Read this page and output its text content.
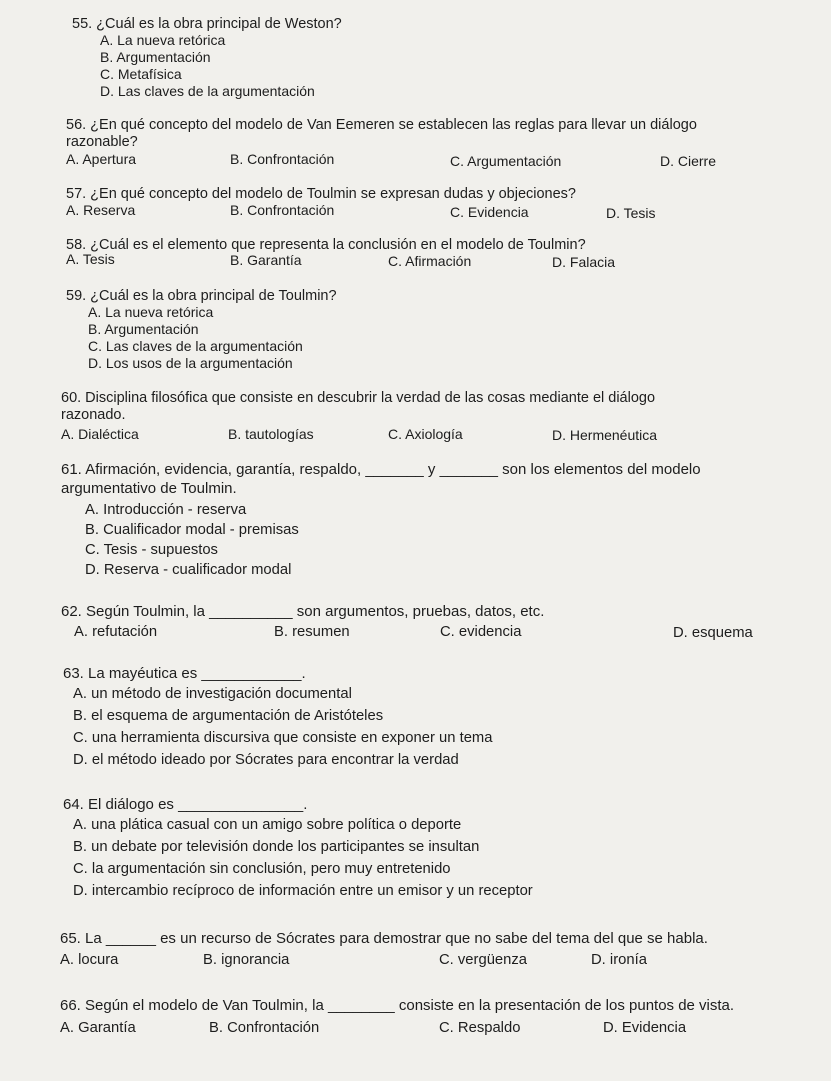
55. ¿Cuál es la obra principal de Weston?
A. La nueva retórica
B. Argumentación
C. Metafísica
D. Las claves de la argumentación
56. ¿En qué concepto del modelo de Van Eemeren se establecen las reglas para llevar un diálogo razonable?
A. Apertura	B. Confrontación	C. Argumentación	D. Cierre
57. ¿En qué concepto del modelo de Toulmin se expresan dudas y objeciones?
A. Reserva	B. Confrontación	C. Evidencia	D. Tesis
58. ¿Cuál es el elemento que representa la conclusión en el modelo de Toulmin?
A. Tesis	B. Garantía	C. Afirmación	D. Falacia
59. ¿Cuál es la obra principal de Toulmin?
A. La nueva retórica
B. Argumentación
C. Las claves de la argumentación
D. Los usos de la argumentación
60. Disciplina filosófica que consiste en descubrir la verdad de las cosas mediante el diálogo razonado.
A. Dialéctica	B. tautologías	C. Axiología	D. Hermenéutica
61. Afirmación, evidencia, garantía, respaldo, _______ y _______ son los elementos del modelo argumentativo de Toulmin.
A. Introducción - reserva
B. Cualificador modal - premisas
C. Tesis - supuestos
D. Reserva - cualificador modal
62. Según Toulmin, la __________ son argumentos, pruebas, datos, etc.
A. refutación	B. resumen	C. evidencia	D. esquema
63. La mayéutica es ____________.
A. un método de investigación documental
B. el esquema de argumentación de Aristóteles
C. una herramienta discursiva que consiste en exponer un tema
D. el método ideado por Sócrates para encontrar la verdad
64. El diálogo es _______________.
A. una plática casual con un amigo sobre política o deporte
B. un debate por televisión donde los participantes se insultan
C. la argumentación sin conclusión, pero muy entretenido
D. intercambio recíproco de información entre un emisor y un receptor
65. La ______ es un recurso de Sócrates para demostrar que no sabe del tema del que se habla.
A. locura	B. ignorancia	C. vergüenza	D. ironía
66. Según el modelo de Van Toulmin, la ________ consiste en la presentación de los puntos de vista.
A. Garantía	B. Confrontación	C. Respaldo	D. Evidencia
